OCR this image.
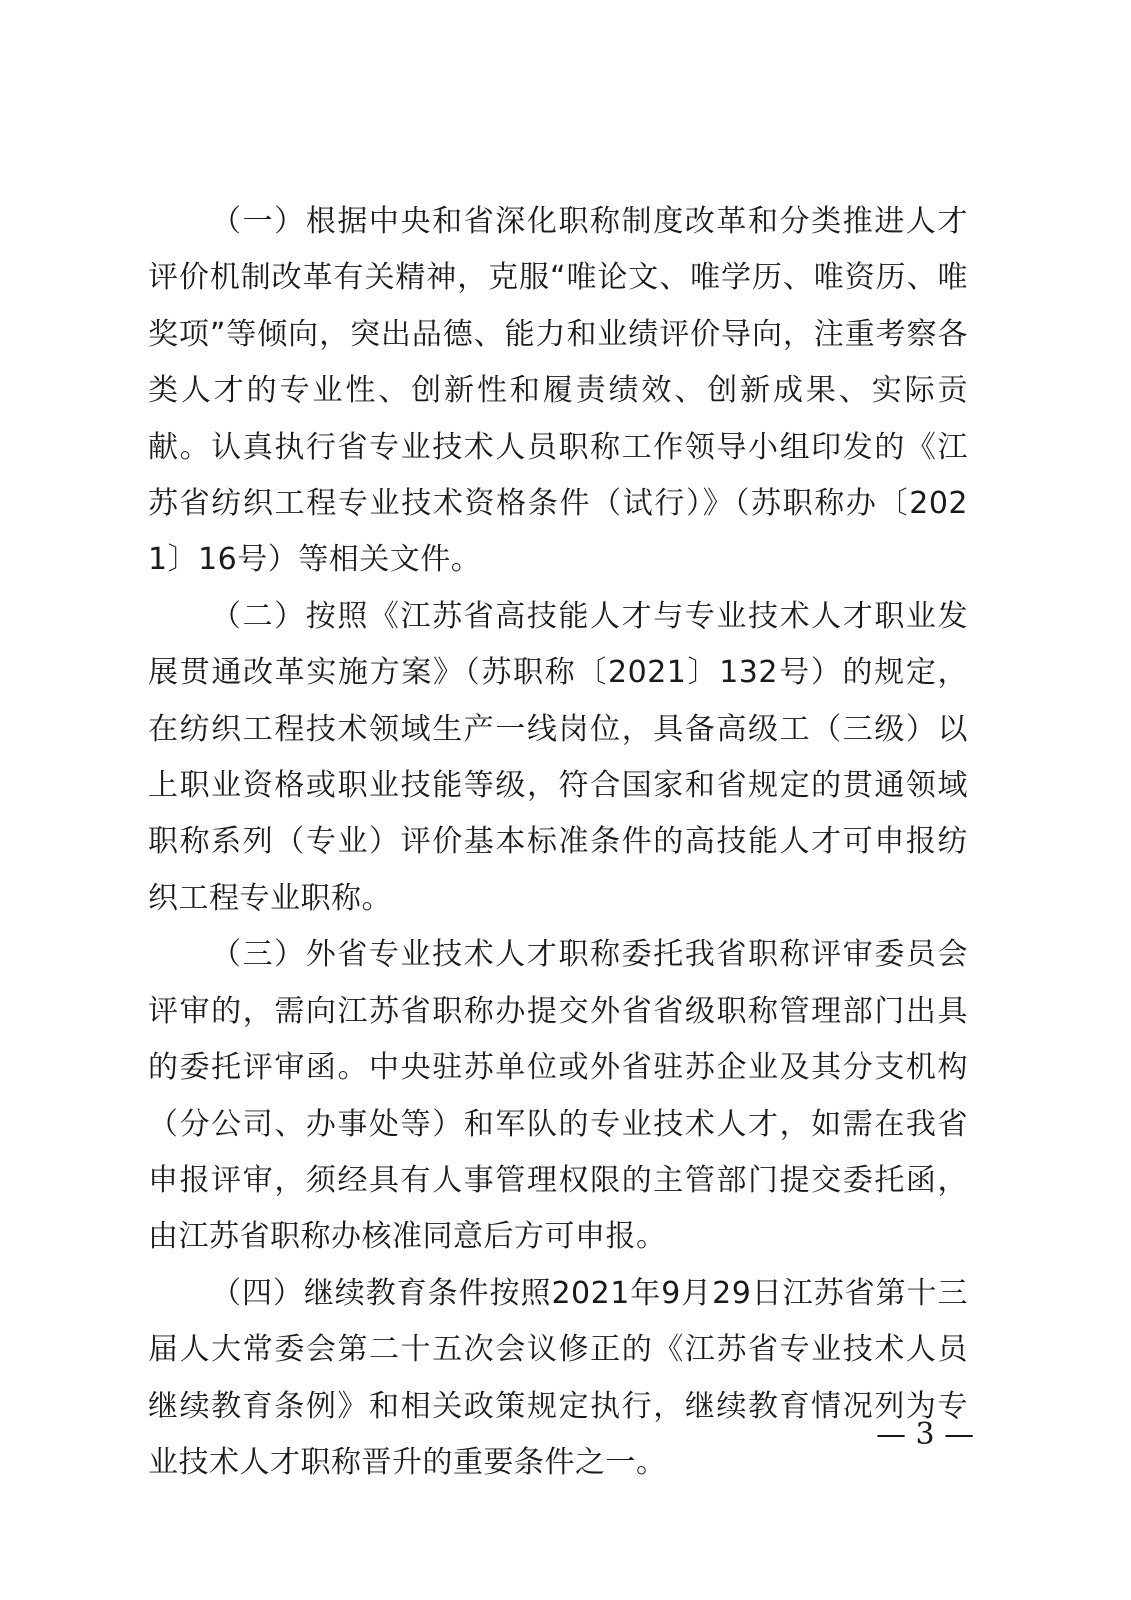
（一）根据中央和省深化职称制度改革和分类推进人才评价机制改革有关精神，克服“唯论文、唯学历、唯资历、唯奖项”等倾向，突出品德、能力和业绩评价导向，注重考察各类人才的专业性、创新性和履责绩效、创新成果、实际贡献。认真执行省专业技术人员职称工作领导小组印发的《江苏省纺织工程专业技术资格条件（试行）》（苏职称办〔2021〕16号）等相关文件。

（二）按照《江苏省高技能人才与专业技术人才职业发展贯通改革实施方案》（苏职称〔2021〕132号）的规定，在纺织工程技术领域生产一线岗位，具备高级工（三级）以上职业资格或职业技能等级，符合国家和省规定的贯通领域职称系列（专业）评价基本标准条件的高技能人才可申报纺织工程专业职称。

（三）外省专业技术人才职称委托我省职称评审委员会评审的，需向江苏省职称办提交外省省级职称管理部门出具的委托评审函。中央驻苏单位或外省驻苏企业及其分支机构（分公司、办事处等）和军队的专业技术人才，如需在我省申报评审，须经具有人事管理权限的主管部门提交委托函，由江苏省职称办核准同意后方可申报。

（四）继续教育条件按照2021年9月29日江苏省第十三届人大常委会第二十五次会议修正的《江苏省专业技术人员继续教育条例》和相关政策规定执行，继续教育情况列为专业技术人才职称晋升的重要条件之一。

— 3 —
